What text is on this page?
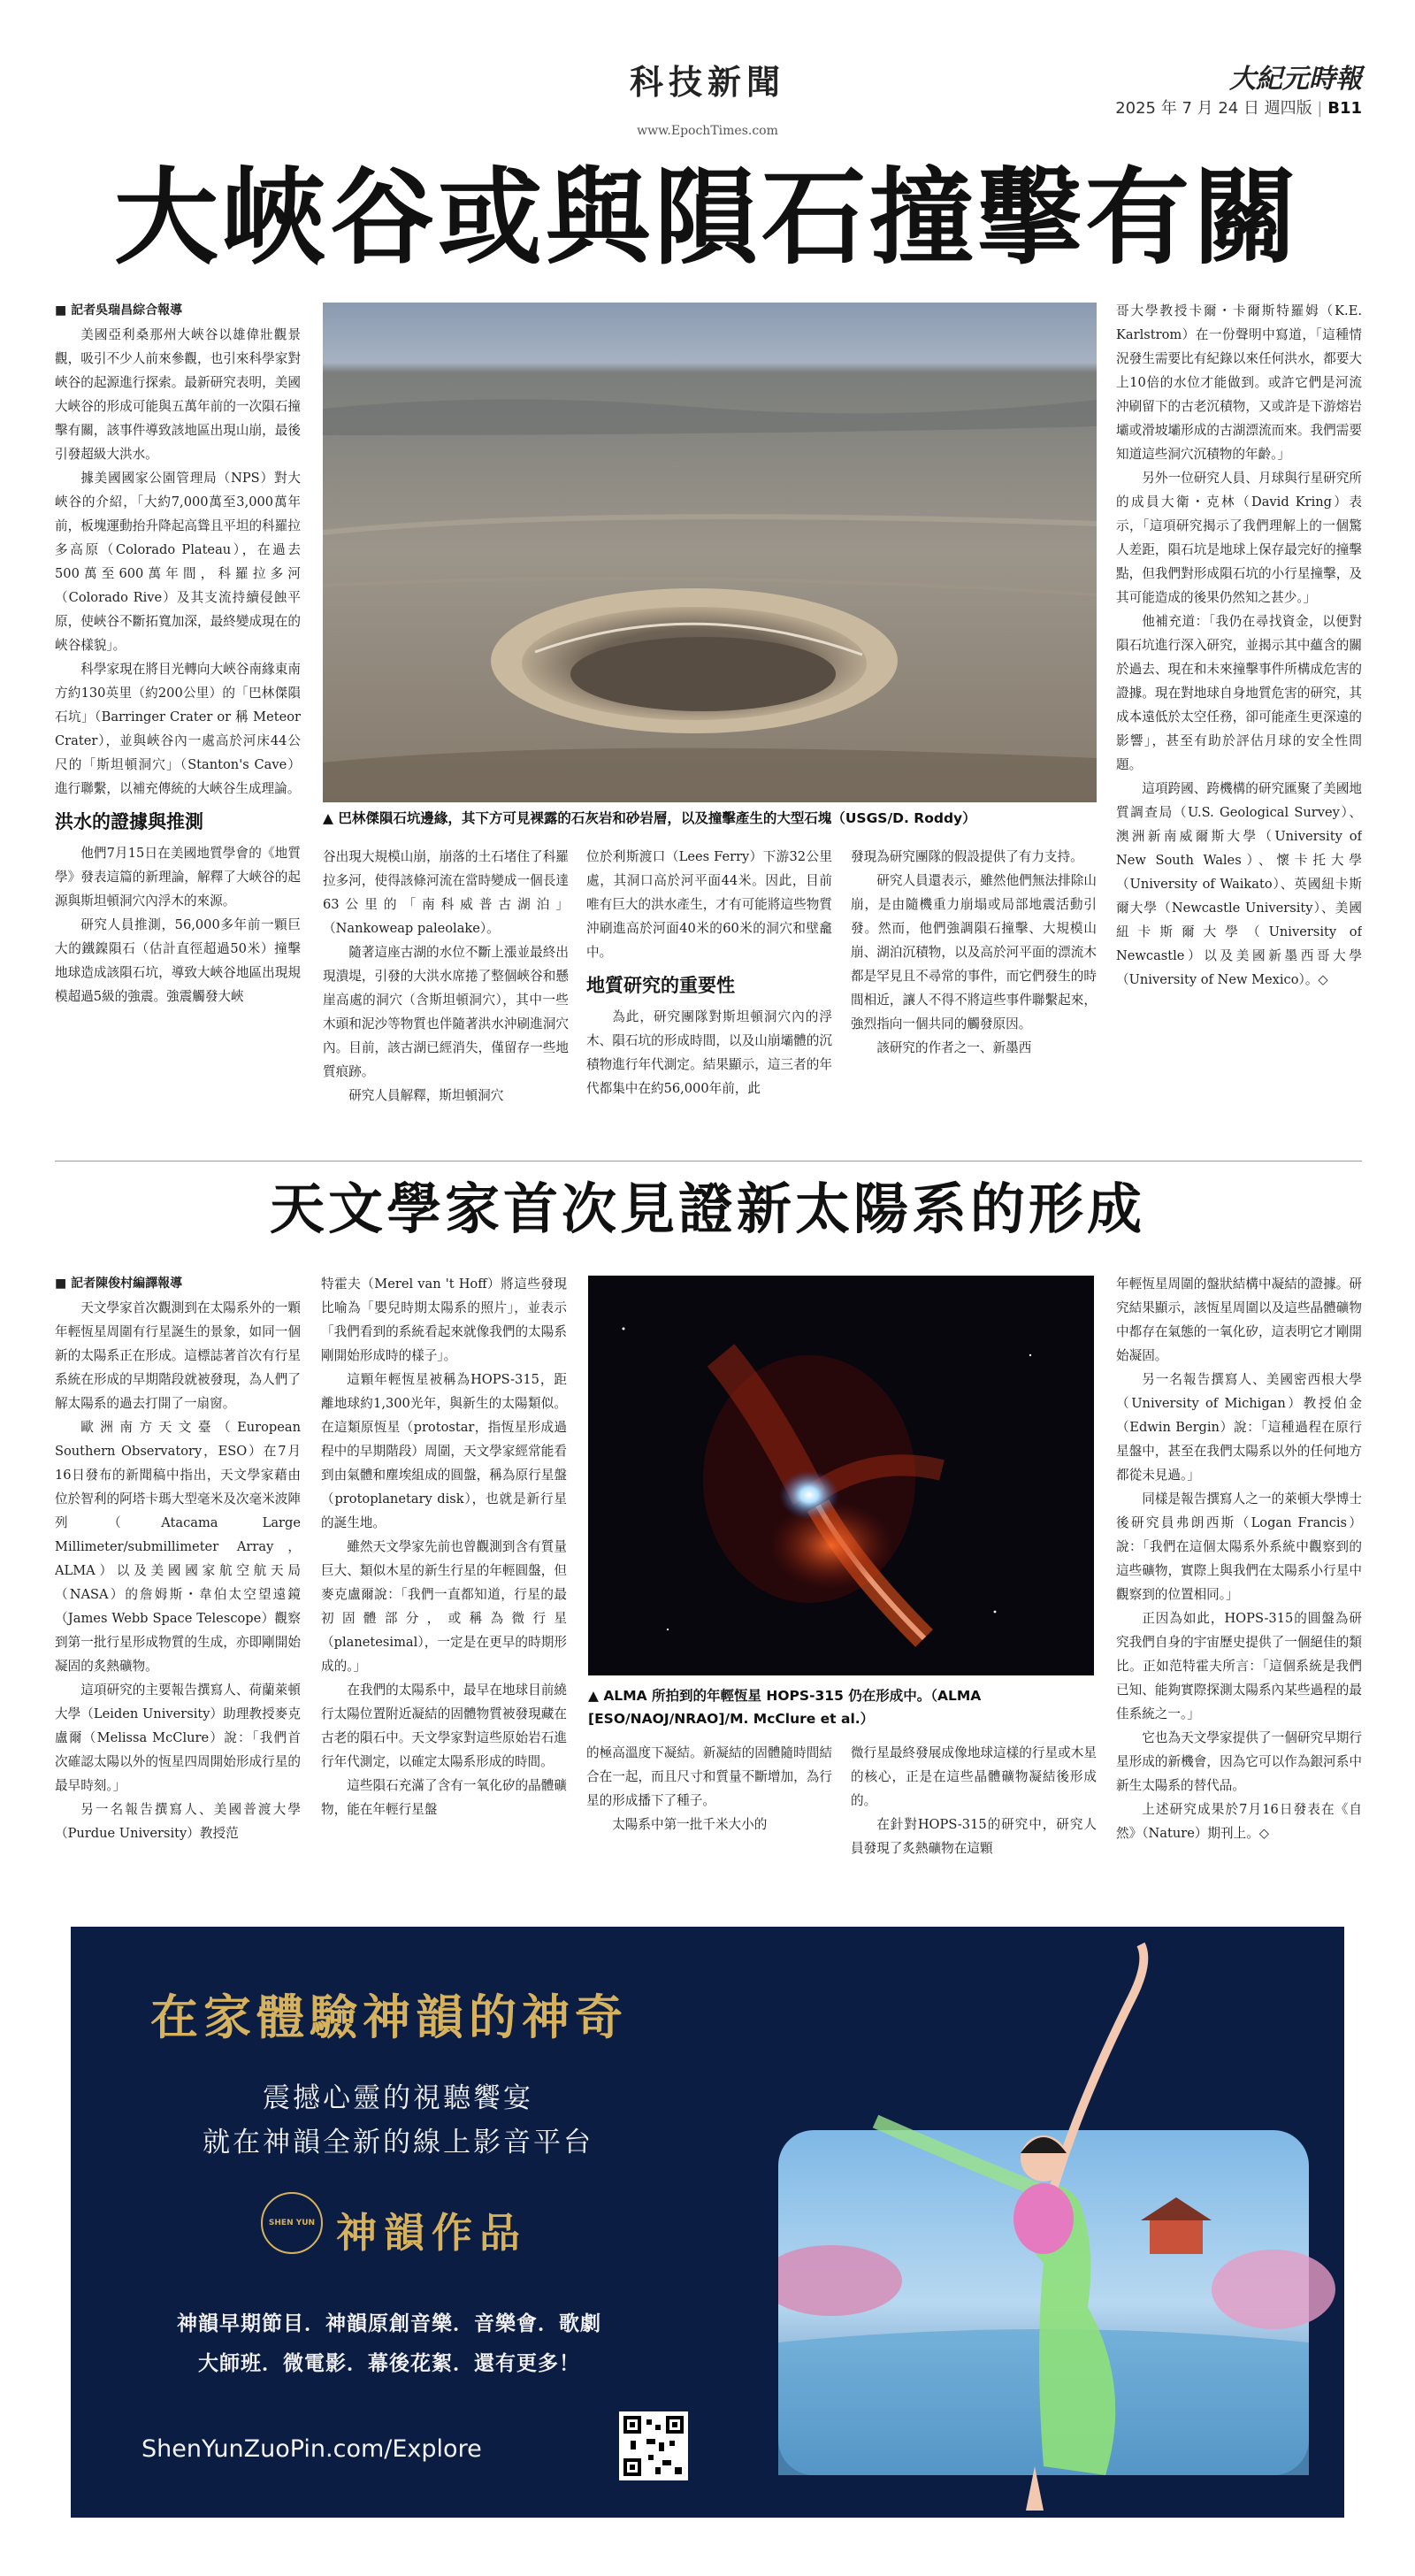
科技新聞
www.EpochTimes.com
大紀元時報
2025 年 7 月 24 日 週四版 | B11
大峽谷或與隕石撞擊有關

■ 記者吳瑞昌綜合報導

美國亞利桑那州大峽谷以雄偉壯觀景觀，吸引不少人前來參觀，也引來科學家對峽谷的起源進行探索。最新研究表明，美國大峽谷的形成可能與五萬年前的一次隕石撞擊有關，該事件導致該地區出現山崩，最後引發超級大洪水。

據美國國家公園管理局（NPS）對大峽谷的介紹，「大約7,000萬至3,000萬年前，板塊運動抬升降起高聳且平坦的科羅拉多高原（Colorado Plateau），在過去500萬至600萬年間，科羅拉多河（Colorado Rive）及其支流持續侵蝕平原，使峽谷不斷拓寬加深，最終變成現在的峽谷樣貌」。

科學家現在將目光轉向大峽谷南緣東南方約130英里（約200公里）的「巴林傑隕石坑」（Barringer Crater or 稱 Meteor Crater），並與峽谷內一處高於河床44公尺的「斯坦頓洞穴」（Stanton's Cave）進行聯繫，以補充傳統的大峽谷生成理論。

洪水的證據與推測

他們7月15日在美國地質學會的《地質學》發表這篇的新理論，解釋了大峽谷的起源與斯坦頓洞穴內浮木的來源。

研究人員推測，56,000多年前一顆巨大的鐵鎳隕石（估計直徑超過50米）撞擊地球造成該隕石坑，導致大峽谷地區出現規模超過5級的強震。強震觸發大峽

▲ 巴林傑隕石坑邊緣，其下方可見裸露的石灰岩和砂岩層，以及撞擊產生的大型石塊（USGS/D. Roddy）

谷出現大規模山崩，崩落的土石堵住了科羅拉多河，使得該條河流在當時變成一個長達63公里的「南科威普古湖泊」（Nankoweap paleolake）。

隨著這座古湖的水位不斷上漲並最終出現潰堤，引發的大洪水席捲了整個峽谷和懸崖高處的洞穴（含斯坦頓洞穴），其中一些木頭和泥沙等物質也伴隨著洪水沖刷進洞穴內。目前，該古湖已經消失，僅留存一些地質痕跡。

研究人員解釋，斯坦頓洞穴

位於利斯渡口（Lees Ferry）下游32公里處，其洞口高於河平面44米。因此，目前唯有巨大的洪水產生，才有可能將這些物質沖刷進高於河面40米的60米的洞穴和壁龕中。

地質研究的重要性

為此，研究團隊對斯坦頓洞穴內的浮木、隕石坑的形成時間，以及山崩壩體的沉積物進行年代測定。結果顯示，這三者的年代都集中在約56,000年前，此

發現為研究團隊的假設提供了有力支持。

研究人員還表示，雖然他們無法排除山崩，是由隨機重力崩塌或局部地震活動引發。然而，他們強調隕石撞擊、大規模山崩、湖泊沉積物，以及高於河平面的漂流木都是罕見且不尋常的事件，而它們發生的時間相近，讓人不得不將這些事件聯繫起來，強烈指向一個共同的觸發原因。

該研究的作者之一、新墨西

哥大學教授卡爾・卡爾斯特羅姆（K.E. Karlstrom）在一份聲明中寫道，「這種情況發生需要比有紀錄以來任何洪水，都要大上10倍的水位才能做到。或許它們是河流沖刷留下的古老沉積物，又或許是下游熔岩壩或滑坡壩形成的古湖漂流而來。我們需要知道這些洞穴沉積物的年齡。」

另外一位研究人員、月球與行星研究所的成員大衛・克林（David Kring）表示，「這項研究揭示了我們理解上的一個驚人差距，隕石坑是地球上保存最完好的撞擊點，但我們對形成隕石坑的小行星撞擊，及其可能造成的後果仍然知之甚少。」

他補充道：「我仍在尋找資金，以便對隕石坑進行深入研究，並揭示其中蘊含的關於過去、現在和未來撞擊事件所構成危害的證據。現在對地球自身地質危害的研究，其成本遠低於太空任務，卻可能產生更深遠的影響」，甚至有助於評估月球的安全性問題。

這項跨國、跨機構的研究匯聚了美國地質調查局（U.S. Geological Survey）、澳洲新南威爾斯大學（University of New South Wales）、懷卡托大學（University of Waikato）、英國紐卡斯爾大學（Newcastle University）、美國紐卡斯爾大學（University of Newcastle）以及美國新墨西哥大學（University of New Mexico）。◇

天文學家首次見證新太陽系的形成

■ 記者陳俊村編譯報導

天文學家首次觀測到在太陽系外的一顆年輕恆星周圍有行星誕生的景象，如同一個新的太陽系正在形成。這標誌著首次有行星系統在形成的早期階段就被發現，為人們了解太陽系的過去打開了一扇窗。

歐洲南方天文臺（European Southern Observatory，ESO）在7月16日發布的新聞稿中指出，天文學家藉由位於智利的阿塔卡瑪大型毫米及次毫米波陣列（Atacama Large Millimeter/submillimeter Array，ALMA）以及美國國家航空航天局（NASA）的詹姆斯・韋伯太空望遠鏡（James Webb Space Telescope）觀察到第一批行星形成物質的生成，亦即剛開始凝固的炙熱礦物。

這項研究的主要報告撰寫人、荷蘭萊頓大學（Leiden University）助理教授麥克盧爾（Melissa McClure）說：「我們首次確認太陽以外的恆星四周開始形成行星的最早時刻。」

另一名報告撰寫人、美國普渡大學（Purdue University）教授范

特霍夫（Merel van 't Hoff）將這些發現比喻為「嬰兒時期太陽系的照片」，並表示「我們看到的系統看起來就像我們的太陽系剛開始形成時的樣子」。

這顆年輕恆星被稱為HOPS-315，距離地球約1,300光年，與新生的太陽類似。在這類原恆星（protostar，指恆星形成過程中的早期階段）周圍，天文學家經常能看到由氣體和塵埃組成的圓盤，稱為原行星盤（protoplanetary disk），也就是新行星的誕生地。

雖然天文學家先前也曾觀測到含有質量巨大、類似木星的新生行星的年輕圓盤，但麥克盧爾說：「我們一直都知道，行星的最初固體部分，或稱為微行星（planetesimal），一定是在更早的時期形成的。」

在我們的太陽系中，最早在地球目前繞行太陽位置附近凝結的固體物質被發現藏在古老的隕石中。天文學家對這些原始岩石進行年代測定，以確定太陽系形成的時間。

這些隕石充滿了含有一氧化矽的晶體礦物，能在年輕行星盤

▲ ALMA 所拍到的年輕恆星 HOPS-315 仍在形成中。（ALMA [ESO/NAOJ/NRAO]/M. McClure et al.）

的極高溫度下凝結。新凝結的固體隨時間結合在一起，而且尺寸和質量不斷增加，為行星的形成播下了種子。

太陽系中第一批千米大小的

微行星最終發展成像地球這樣的行星或木星的核心，正是在這些晶體礦物凝結後形成的。

在針對HOPS-315的研究中，研究人員發現了炙熱礦物在這顆

年輕恆星周圍的盤狀結構中凝結的證據。研究結果顯示，該恆星周圍以及這些晶體礦物中都存在氣態的一氧化矽，這表明它才剛開始凝固。

另一名報告撰寫人、美國密西根大學（University of Michigan）教授伯金（Edwin Bergin）說：「這種過程在原行星盤中，甚至在我們太陽系以外的任何地方都從未見過。」

同樣是報告撰寫人之一的萊頓大學博士後研究員弗朗西斯（Logan Francis）說：「我們在這個太陽系外系統中觀察到的這些礦物，實際上與我們在太陽系小行星中觀察到的位置相同。」

正因為如此，HOPS-315的圓盤為研究我們自身的宇宙歷史提供了一個絕佳的類比。正如范特霍夫所言：「這個系統是我們已知、能夠實際探測太陽系內某些過程的最佳系統之一。」

它也為天文學家提供了一個研究早期行星形成的新機會，因為它可以作為銀河系中新生太陽系的替代品。

上述研究成果於7月16日發表在《自然》（Nature）期刊上。◇

在家體驗神韻的神奇
震撼心靈的視聽饗宴
就在神韻全新的線上影音平台
SHEN YUN 神韻作品
神韻早期節目．神韻原創音樂．音樂會．歌劇
大師班．微電影．幕後花絮．還有更多！
ShenYunZuoPin.com/Explore
